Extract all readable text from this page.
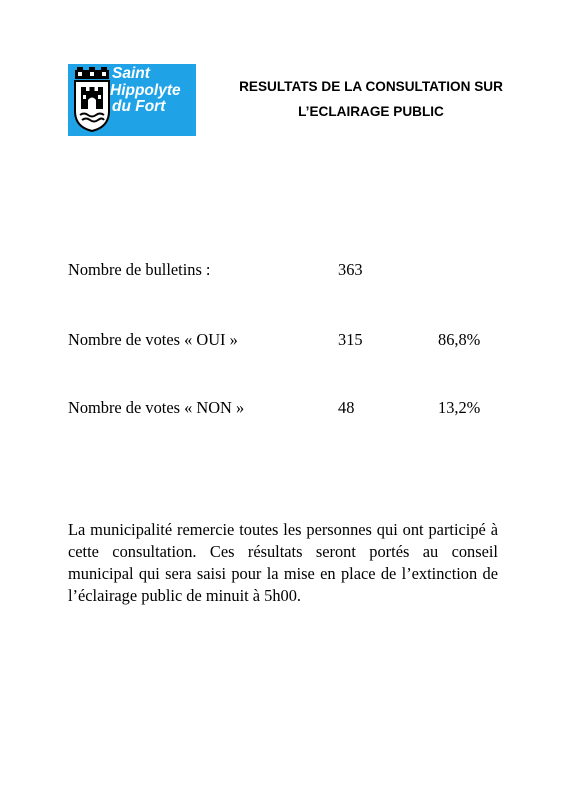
Saint
Hippolyte
du Fort
RESULTATS DE LA CONSULTATION SUR
L’ECLAIRAGE PUBLIC
Nombre de bulletins :	363
Nombre de votes « OUI »	315	86,8%
Nombre de votes « NON »	48	13,2%

La municipalité remercie toutes les personnes qui ont participé à cette consultation. Ces résultats seront portés au conseil municipal qui sera saisi pour la mise en place de l’extinction de l’éclairage public de minuit à 5h00.
